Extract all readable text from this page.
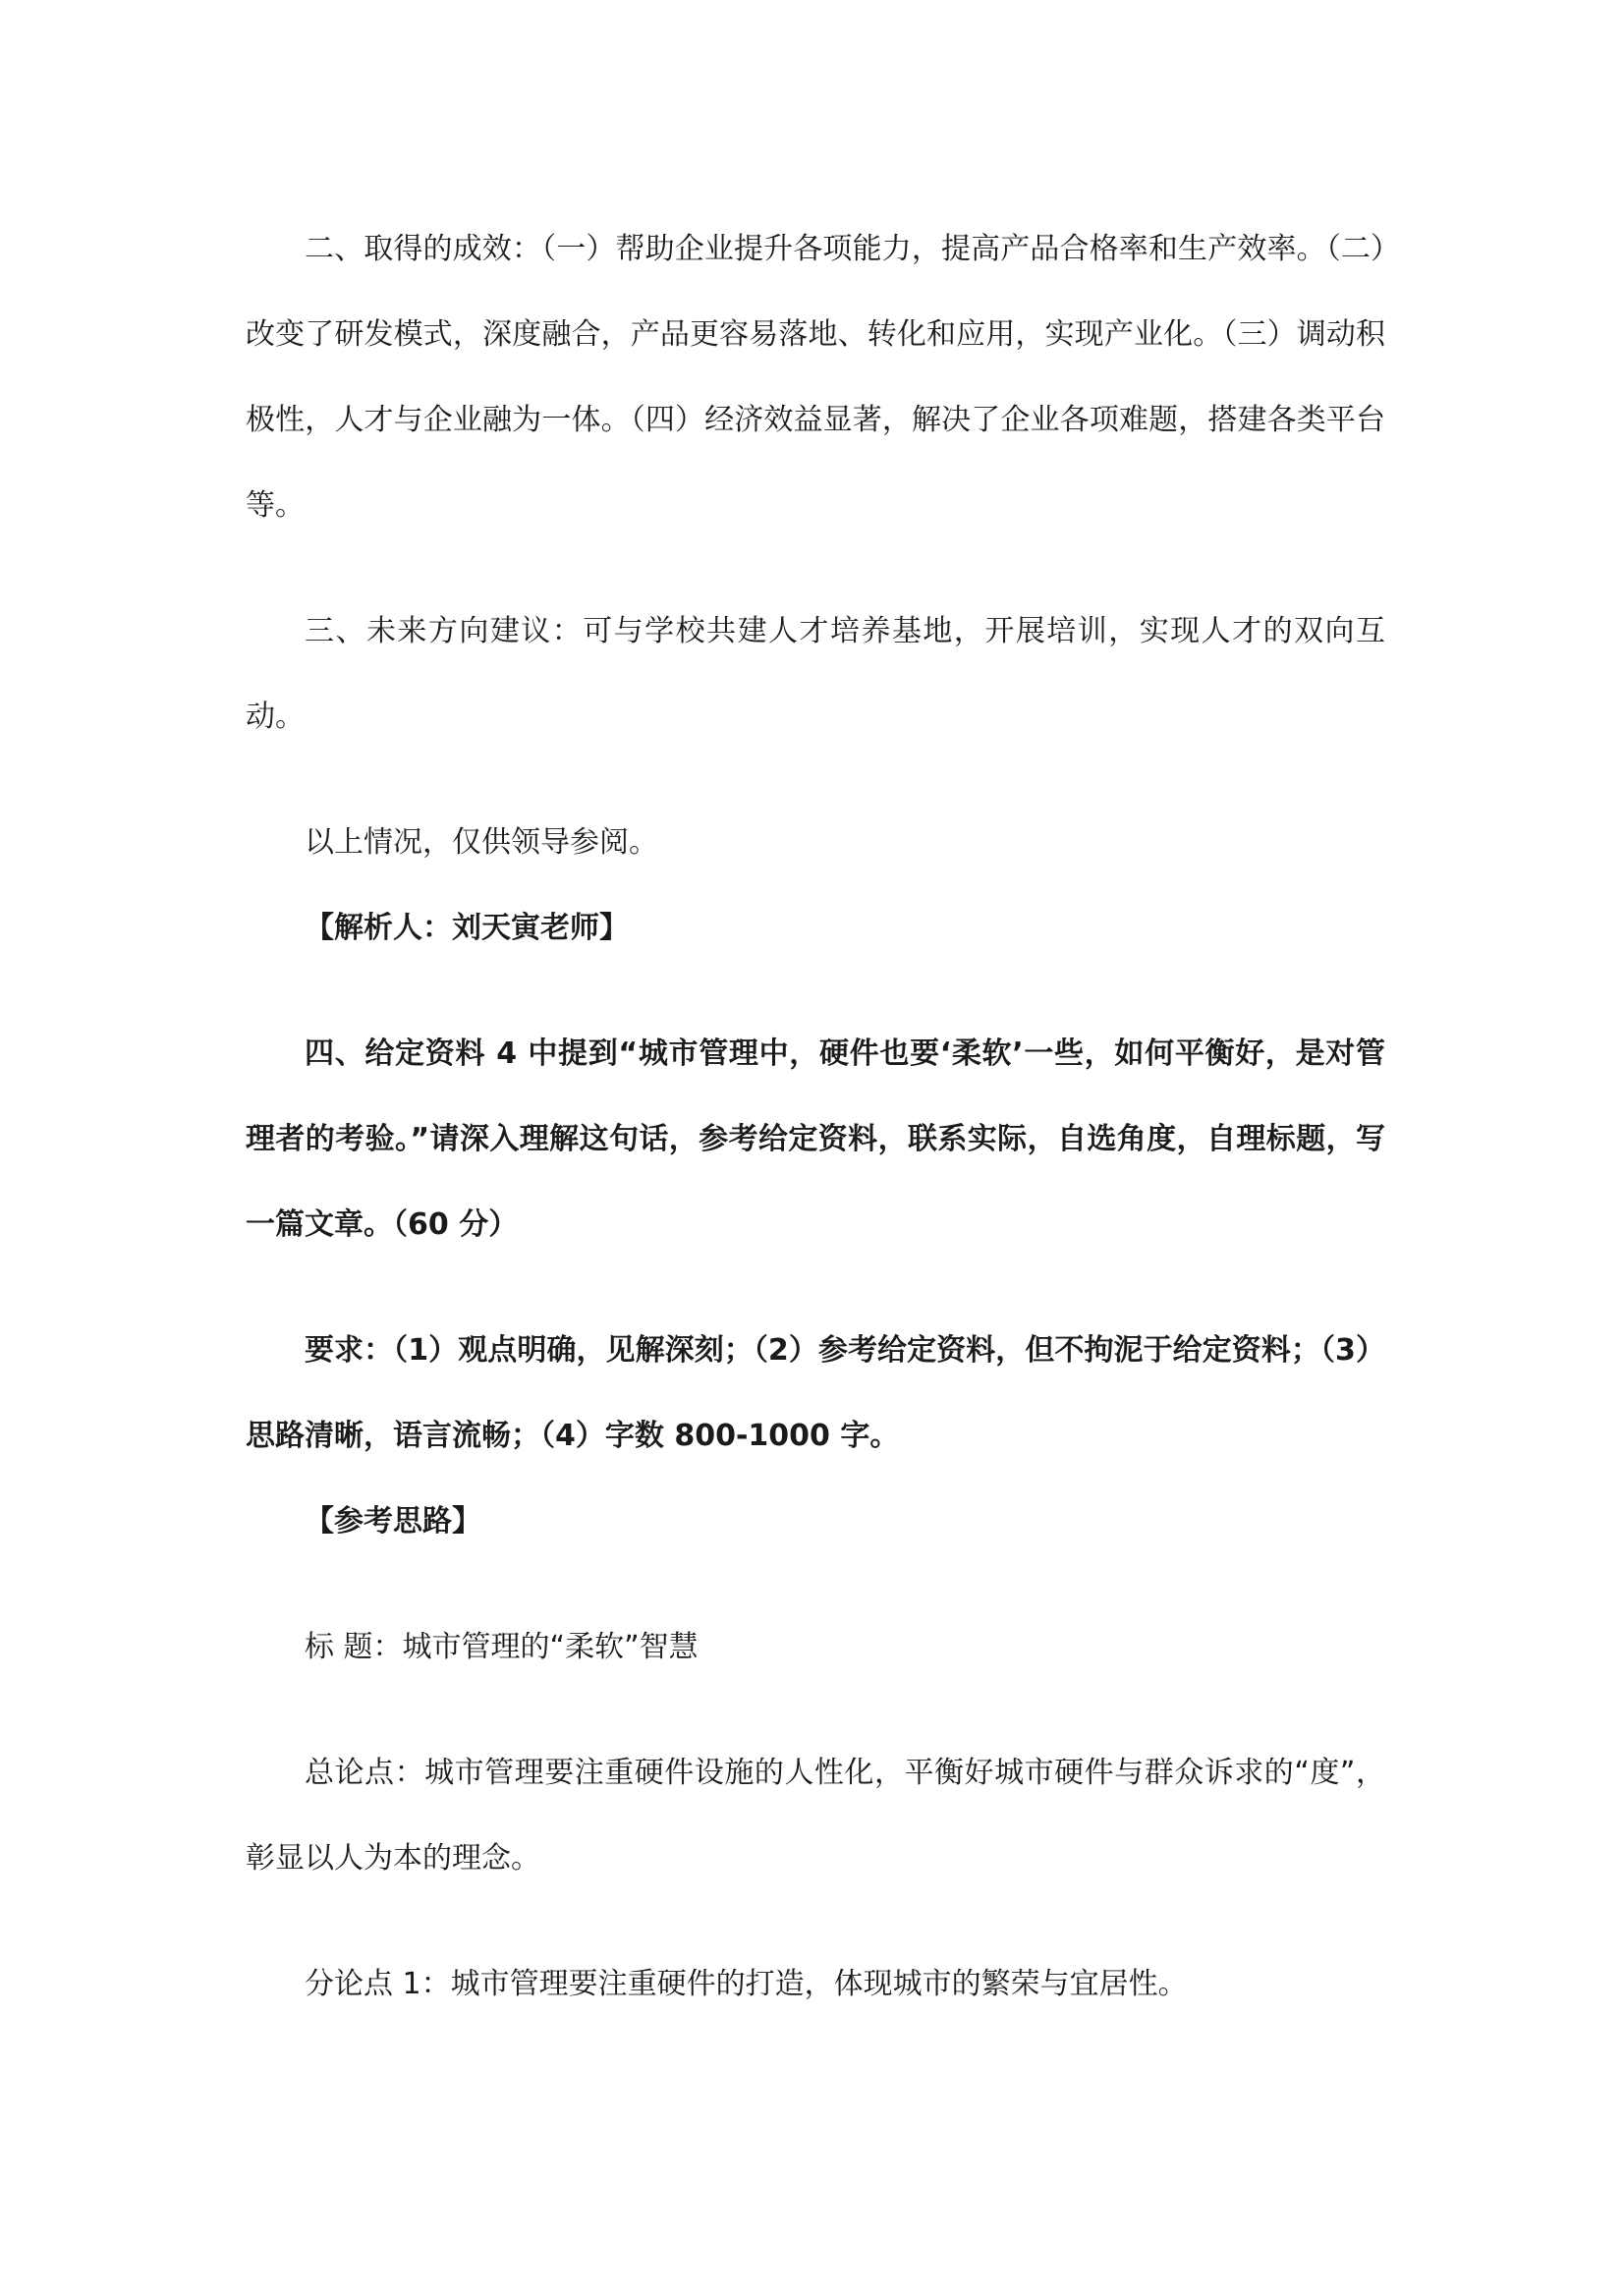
二、取得的成效：（一）帮助企业提升各项能力，提高产品合格率和生产效率。（二）改变了研发模式，深度融合，产品更容易落地、转化和应用，实现产业化。（三）调动积极性，人才与企业融为一体。（四）经济效益显著，解决了企业各项难题，搭建各类平台等。

三、未来方向建议：可与学校共建人才培养基地，开展培训，实现人才的双向互动。

以上情况，仅供领导参阅。

【解析人：刘天寅老师】

四、给定资料 4 中提到“城市管理中，硬件也要‘柔软’一些，如何平衡好，是对管理者的考验。”请深入理解这句话，参考给定资料，联系实际，自选角度，自理标题，写一篇文章。（60 分）

要求：（1）观点明确，见解深刻；（2）参考给定资料，但不拘泥于给定资料；（3）思路清晰，语言流畅；（4）字数 800-1000 字。

【参考思路】

标 题：城市管理的“柔软”智慧

总论点：城市管理要注重硬件设施的人性化，平衡好城市硬件与群众诉求的“度”，彰显以人为本的理念。

分论点 1：城市管理要注重硬件的打造，体现城市的繁荣与宜居性。
